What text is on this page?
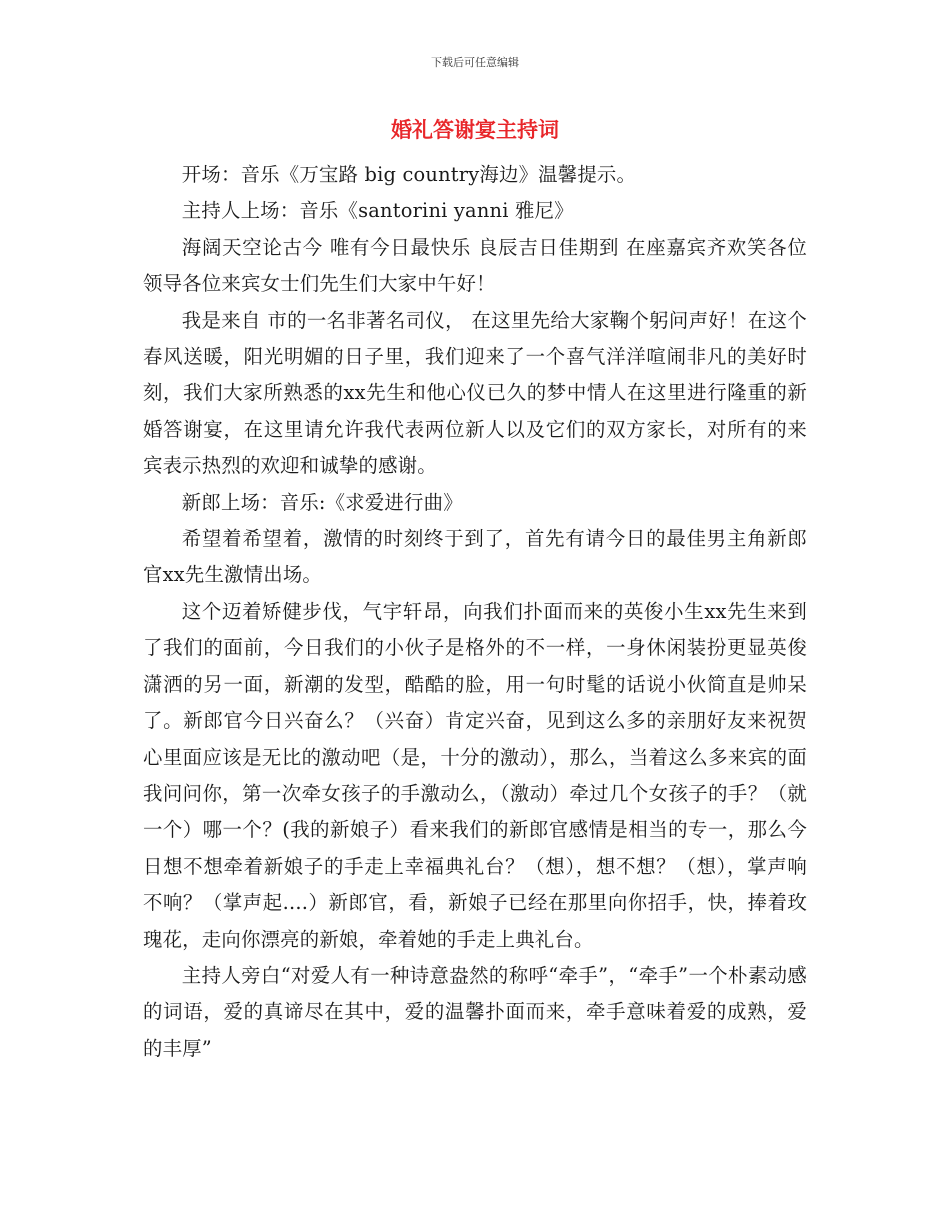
下载后可任意编辑
婚礼答谢宴主持词

开场：音乐《万宝路 big country海边》温馨提示。

主持人上场：音乐《santorini yanni 雅尼》

海阔天空论古今 唯有今日最快乐 良辰吉日佳期到 在座嘉宾齐欢笑各位领导各位来宾女士们先生们大家中午好！

我是来自 市的一名非著名司仪， 在这里先给大家鞠个躬问声好！在这个春风送暖，阳光明媚的日子里，我们迎来了一个喜气洋洋喧闹非凡的美好时刻，我们大家所熟悉的xx先生和他心仪已久的梦中情人在这里进行隆重的新婚答谢宴，在这里请允许我代表两位新人以及它们的双方家长，对所有的来宾表示热烈的欢迎和诚挚的感谢。

新郎上场：音乐:《求爱进行曲》

希望着希望着，激情的时刻终于到了，首先有请今日的最佳男主角新郎官xx先生激情出场。

这个迈着矫健步伐，气宇轩昂，向我们扑面而来的英俊小生xx先生来到了我们的面前，今日我们的小伙子是格外的不一样，一身休闲装扮更显英俊潇洒的另一面，新潮的发型，酷酷的脸，用一句时髦的话说小伙简直是帅呆了。新郎官今日兴奋么？（兴奋）肯定兴奋，见到这么多的亲朋好友来祝贺心里面应该是无比的激动吧（是，十分的激动），那么，当着这么多来宾的面我问问你，第一次牵女孩子的手激动么，（激动）牵过几个女孩子的手？（就一个）哪一个？(我的新娘子）看来我们的新郎官感情是相当的专一，那么今日想不想牵着新娘子的手走上幸福典礼台？（想），想不想？（想），掌声响不响？（掌声起....）新郎官，看，新娘子已经在那里向你招手，快，捧着玫瑰花，走向你漂亮的新娘，牵着她的手走上典礼台。

主持人旁白“对爱人有一种诗意盎然的称呼“牵手”，“牵手”一个朴素动感的词语，爱的真谛尽在其中，爱的温馨扑面而来，牵手意味着爱的成熟，爱的丰厚”
